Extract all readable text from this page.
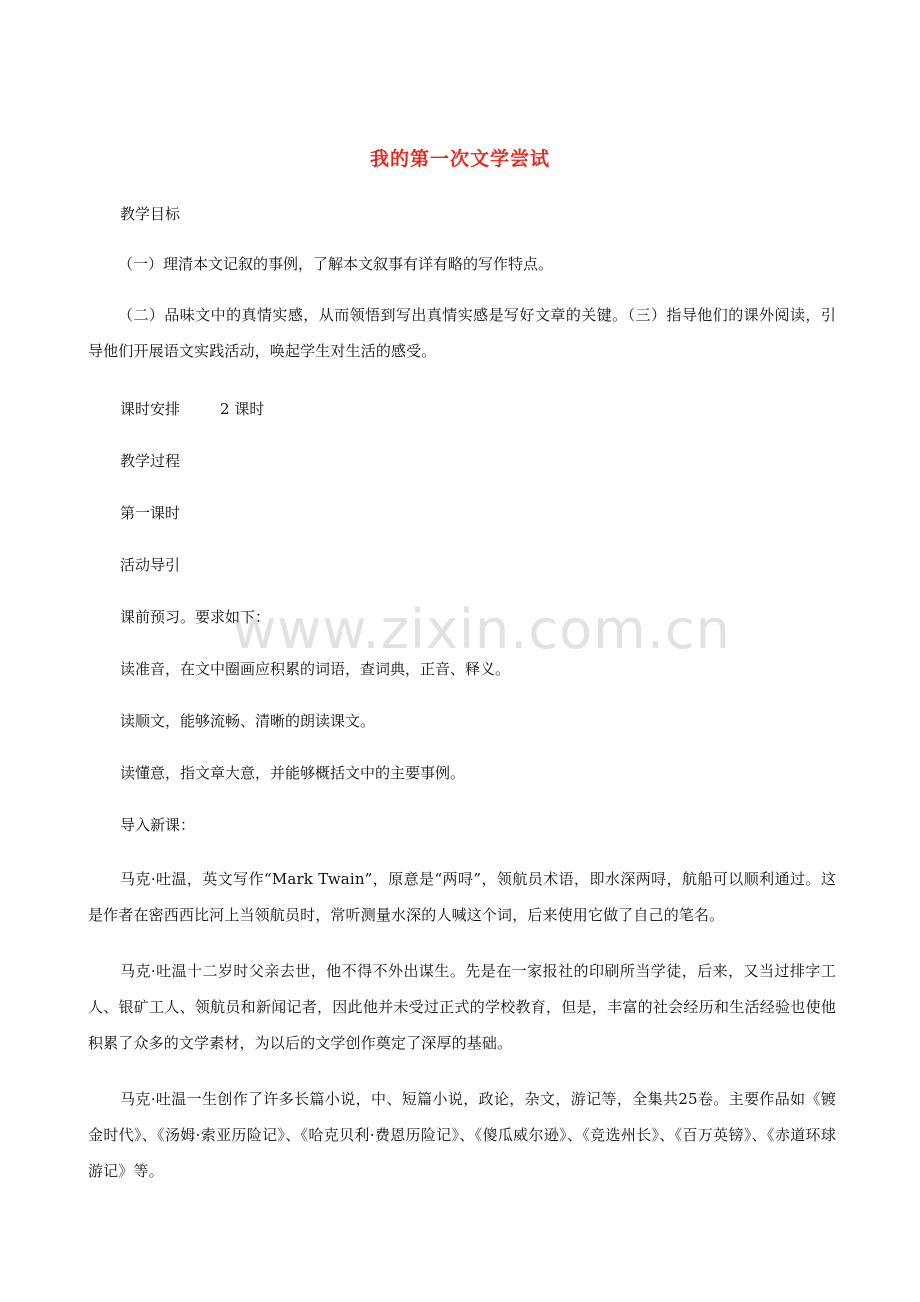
我的第一次文学尝试
教学目标
（一）理清本文记叙的事例，了解本文叙事有详有略的写作特点。
（二）品味文中的真情实感，从而领悟到写出真情实感是写好文章的关键。（三）指导他们的课外阅读，引导他们开展语文实践活动，唤起学生对生活的感受。
课时安排	2 课时
教学过程
第一课时
活动导引
课前预习。要求如下：
读准音，在文中圈画应积累的词语，查词典，正音、释义。
读顺文，能够流畅、清晰的朗读课文。
读懂意，指文章大意，并能够概括文中的主要事例。
导入新课：
马克·吐温，英文写作“Mark Twain”，原意是“两㖊”，领航员术语，即水深两㖊，航船可以顺利通过。这是作者在密西西比河上当领航员时，常听测量水深的人喊这个词，后来使用它做了自己的笔名。
马克·吐温十二岁时父亲去世，他不得不外出谋生。先是在一家报社的印刷所当学徒，后来，又当过排字工人、银矿工人、领航员和新闻记者，因此他并未受过正式的学校教育，但是，丰富的社会经历和生活经验也使他积累了众多的文学素材，为以后的文学创作奠定了深厚的基础。
马克·吐温一生创作了许多长篇小说，中、短篇小说，政论，杂文，游记等，全集共25卷。主要作品如《镀金时代》、《汤姆·索亚历险记》、《哈克贝利·费恩历险记》、《傻瓜威尔逊》、《竞选州长》、《百万英镑》、《赤道环球游记》等。
www.zixin.com.cn
